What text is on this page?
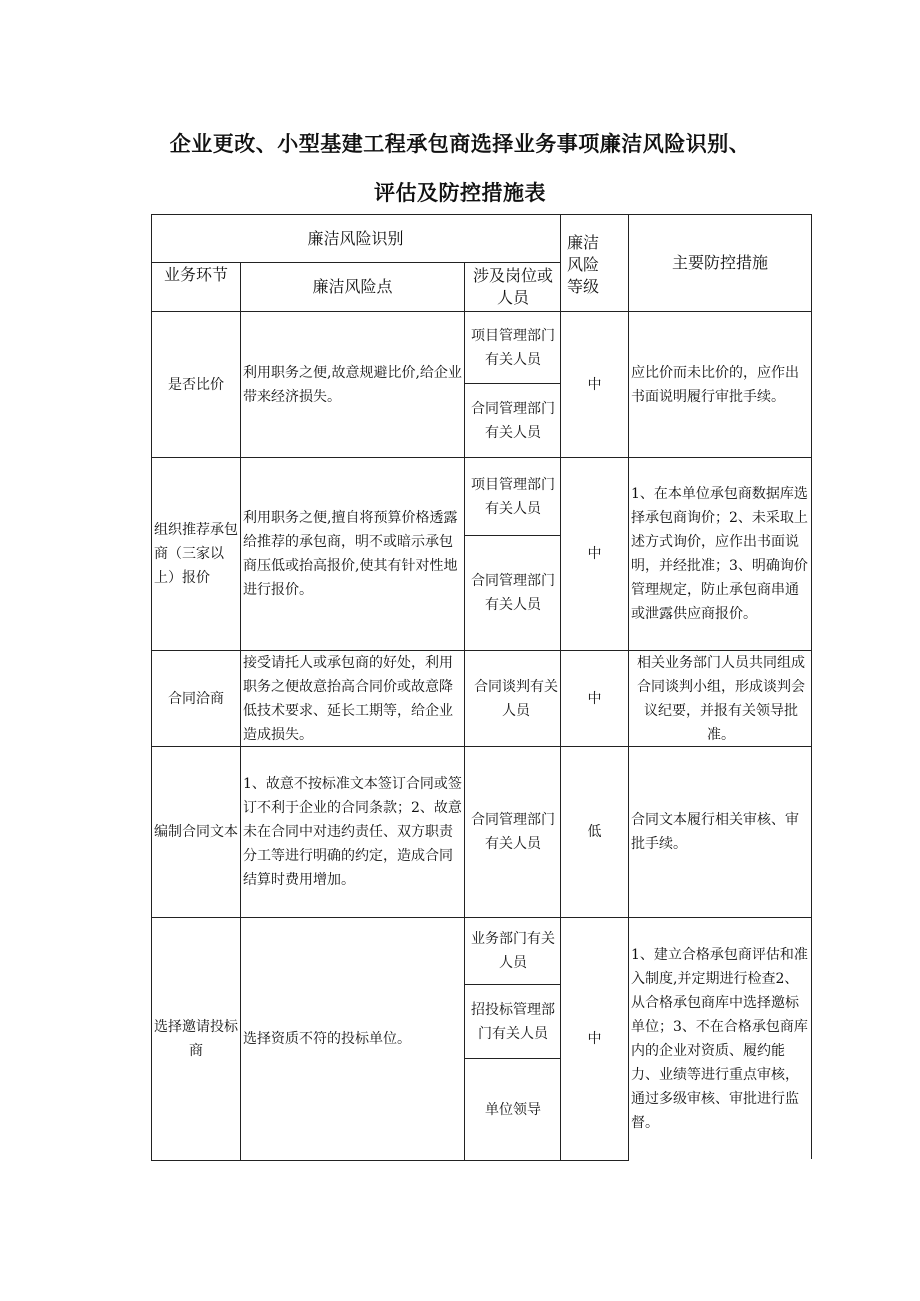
企业更改、小型基建工程承包商选择业务事项廉洁风险识别、
评估及防控措施表
廉洁风险识别
业务环节
廉洁风险点
涉及岗位或人员
廉洁风险等级
主要防控措施
是否比价
利用职务之便,故意规避比价,给企业带来经济损失。
项目管理部门有关人员
合同管理部门有关人员
中
应比价而未比价的，应作出书面说明履行审批手续。
组织推荐承包商（三家以上）报价
利用职务之便,擅自将预算价格透露给推荐的承包商，明不或暗示承包商压低或抬高报价,使其有针对性地进行报价。
项目管理部门有关人员
合同管理部门有关人员
中
1、在本单位承包商数据库选择承包商询价；2、未采取上述方式询价，应作出书面说明，并经批准；3、明确询价管理规定，防止承包商串通或泄露供应商报价。
合同洽商
接受请托人或承包商的好处，利用职务之便故意抬高合同价或故意降低技术要求、延长工期等，给企业造成损失。
合同谈判有关人员
中
相关业务部门人员共同组成合同谈判小组，形成谈判会议纪要，并报有关领导批准。
编制合同文本
1、故意不按标准文本签订合同或签订不利于企业的合同条款；2、故意未在合同中对违约责任、双方职责分工等进行明确的约定，造成合同结算时费用增加。
合同管理部门有关人员
低
合同文本履行相关审核、审批手续。
选择邀请投标商
选择资质不符的投标单位。
业务部门有关人员
招投标管理部门有关人员
单位领导
中
1、建立合格承包商评估和准入制度,并定期进行检查2、从合格承包商库中选择邀标单位；3、不在合格承包商库内的企业对资质、履约能力、业绩等进行重点审核，通过多级审核、审批进行监督。
